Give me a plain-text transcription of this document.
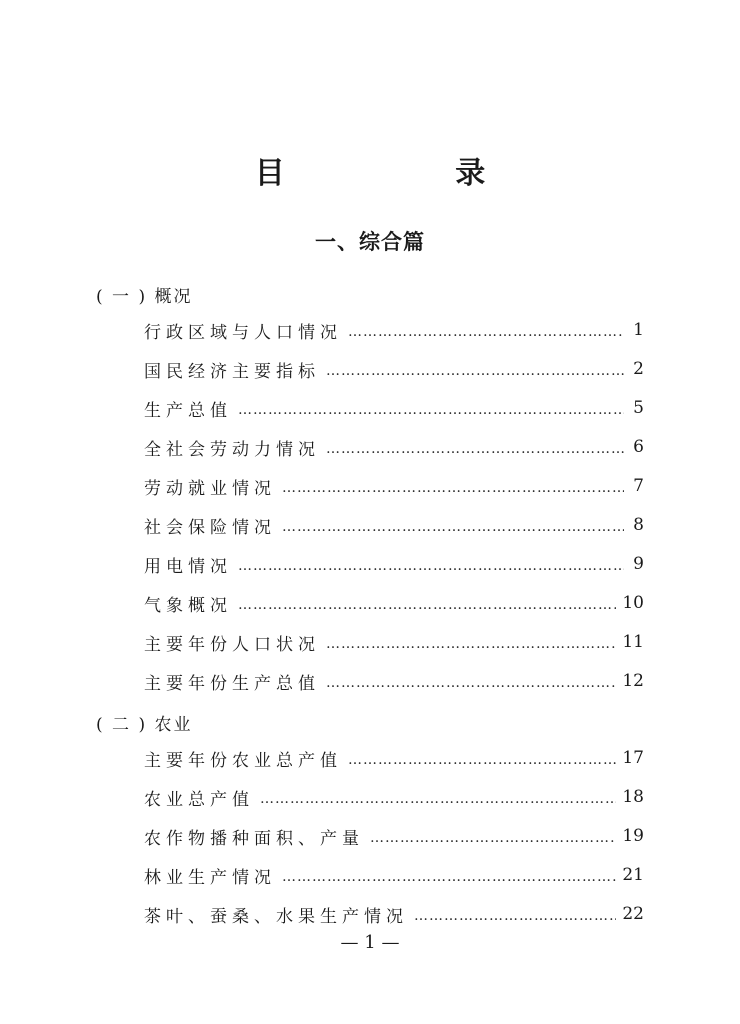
目 录
一、综合篇
( 一 ) 概况
行政区域与人口情况 ……………………………………………………………………………………………………………………	1
国民经济主要指标 ……………………………………………………………………………………………………………………	2
生产总值 ……………………………………………………………………………………………………………………	5
全社会劳动力情况 ……………………………………………………………………………………………………………………	6
劳动就业情况 ……………………………………………………………………………………………………………………	7
社会保险情况 ……………………………………………………………………………………………………………………	8
用电情况 ……………………………………………………………………………………………………………………	9
气象概况 ……………………………………………………………………………………………………………………	10
主要年份人口状况 ……………………………………………………………………………………………………………………	11
主要年份生产总值 ……………………………………………………………………………………………………………………	12
( 二 ) 农业
主要年份农业总产值 ……………………………………………………………………………………………………………………	17
农业总产值 ……………………………………………………………………………………………………………………	18
农作物播种面积、产量 ……………………………………………………………………………………………………………………	19
林业生产情况 ……………………………………………………………………………………………………………………	21
茶叶、蚕桑、水果生产情况 ……………………………………………………………………………………………………………………	22
— 1 —
